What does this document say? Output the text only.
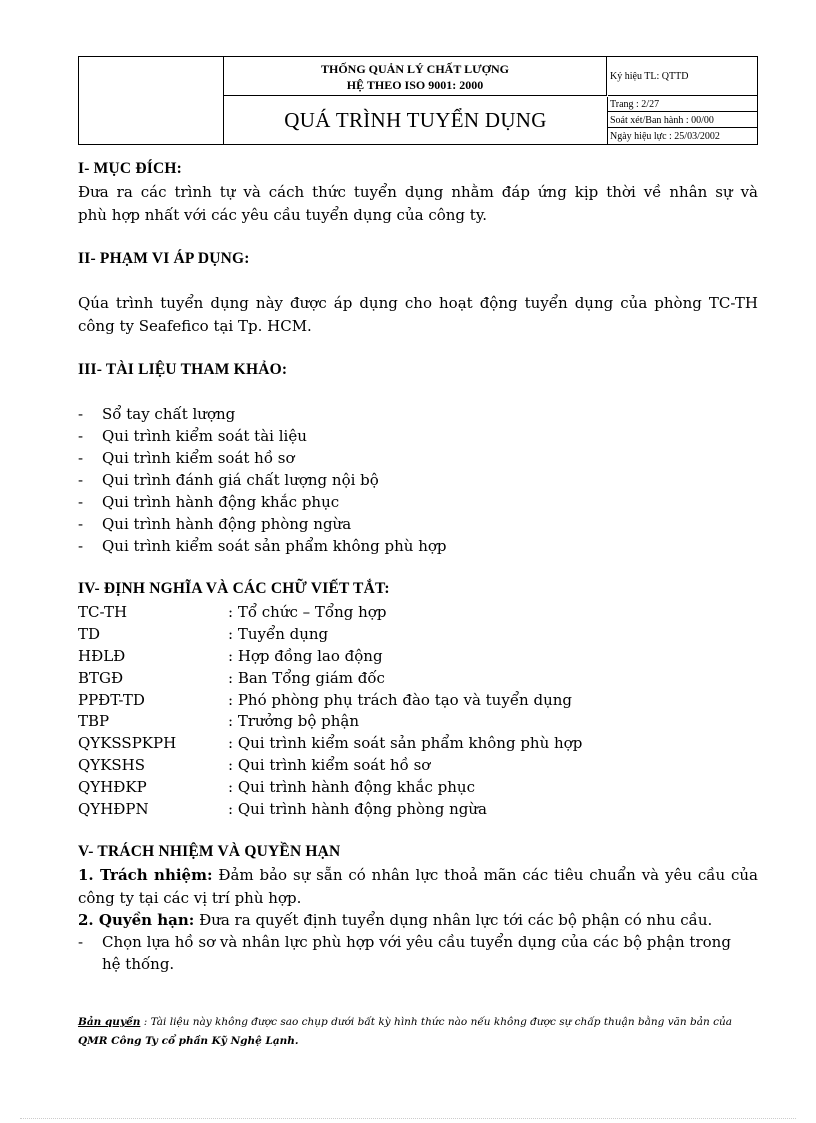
THỐNG QUẢN LÝ CHẤT LƯỢNG
HỆ THEO ISO 9001: 2000
QUÁ TRÌNH TUYỂN DỤNG
Ký hiệu TL: QTTD
Trang : 2/27
Soát xét/Ban hành : 00/00
Ngày hiệu lực : 25/03/2002
I- MỤC ĐÍCH:
Đưa ra các trình tự và cách thức tuyển dụng nhằm đáp ứng kịp thời về nhân sự và
phù hợp nhất với các yêu cầu tuyển dụng của công ty.
II- PHẠM VI ÁP DỤNG:
Qúa trình tuyển dụng này được áp dụng cho hoạt động tuyển dụng của phòng TC-TH
công ty Seafefico tại Tp. HCM.
III- TÀI LIỆU THAM KHẢO:
- Sổ tay chất lượng
- Qui trình kiểm soát tài liệu
- Qui trình kiểm soát hồ sơ
- Qui trình đánh giá chất lượng nội bộ
- Qui trình hành động khắc phục
- Qui trình hành động phòng ngừa
- Qui trình kiểm soát sản phẩm không phù hợp
IV- ĐỊNH NGHĨA VÀ CÁC CHỮ VIẾT TẮT:
TC-TH	: Tổ chức – Tổng hợp
TD	: Tuyển dụng
HĐLĐ	: Hợp đồng lao động
BTGĐ	: Ban Tổng giám đốc
PPĐT-TD	: Phó phòng phụ trách đào tạo và tuyển dụng
TBP	: Trưởng bộ phận
QYKSSPKPH	: Qui trình kiểm soát sản phẩm không phù hợp
QYKSHS	: Qui trình kiểm soát hồ sơ
QYHĐKP	: Qui trình hành động khắc phục
QYHĐPN	: Qui trình hành động phòng ngừa
V- TRÁCH NHIỆM VÀ QUYỀN HẠN
1. Trách nhiệm: Đảm bảo sự sẵn có nhân lực thoả mãn các tiêu chuẩn và yêu cầu của
công ty tại các vị trí phù hợp.
2. Quyền hạn: Đưa ra quyết định tuyển dụng nhân lực tới các bộ phận có nhu cầu.
- Chọn lựa hồ sơ và nhân lực phù hợp với yêu cầu tuyển dụng của các bộ phận trong
hệ thống.
Bản quyền : Tài liệu này không được sao chụp dưới bất kỳ hình thức nào nếu không được sự chấp thuận bằng văn bản của
QMR Công Ty cổ phần Kỹ Nghệ Lạnh.
